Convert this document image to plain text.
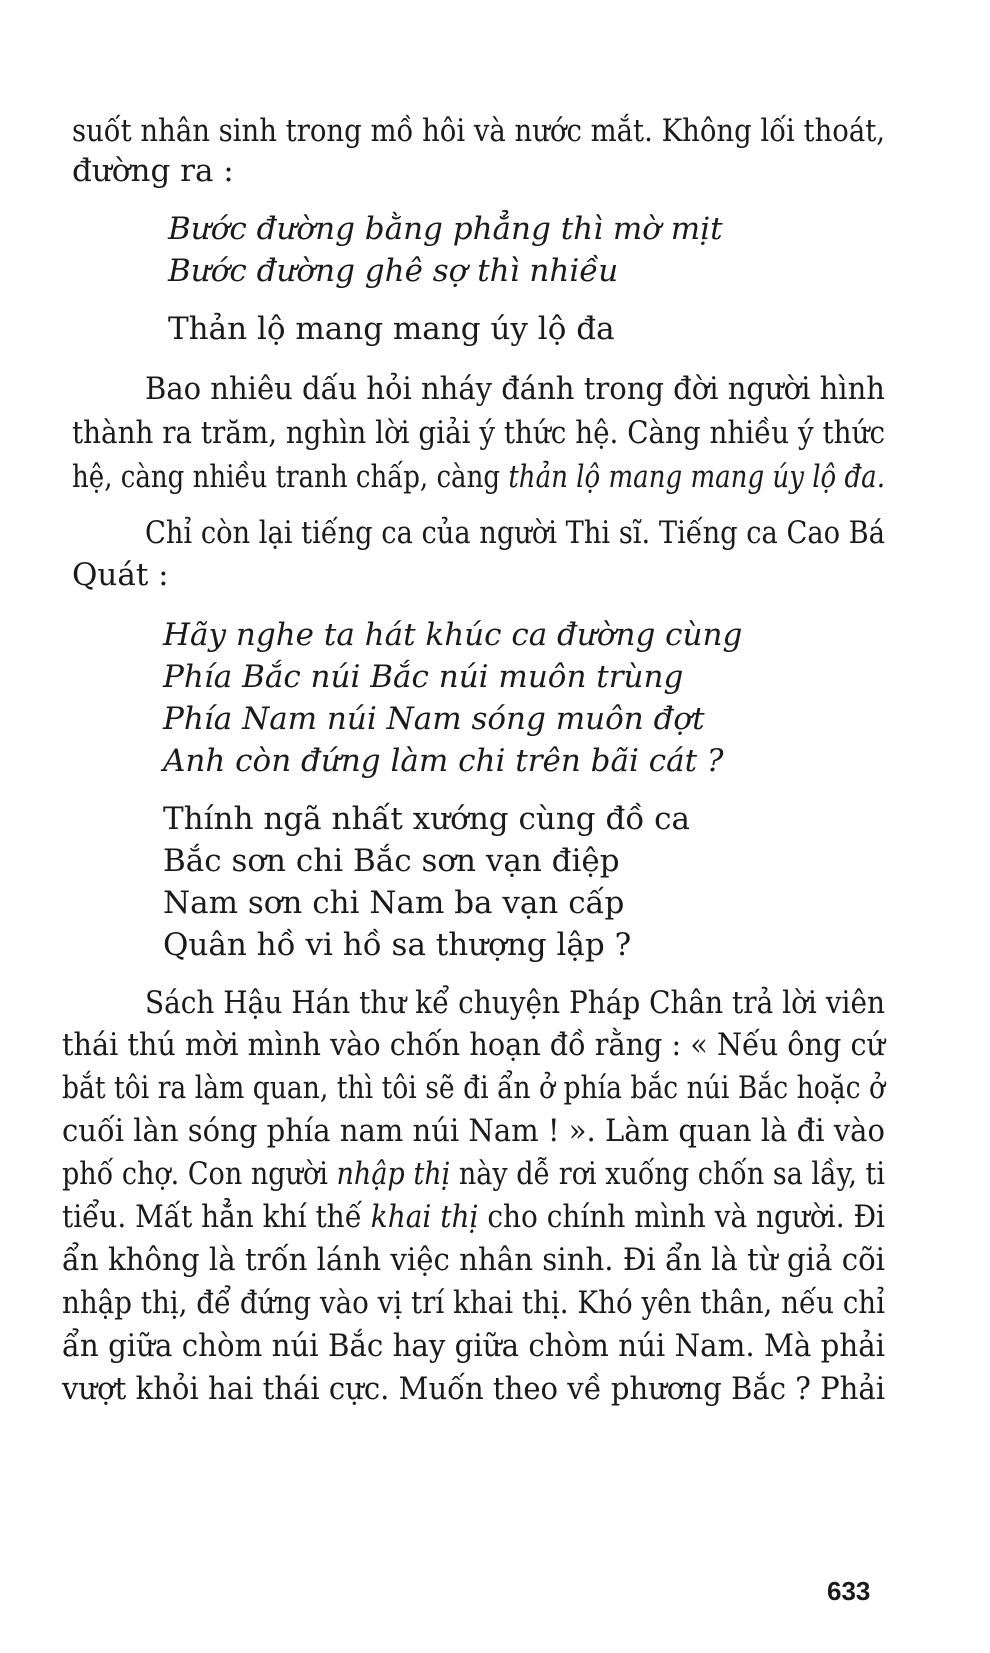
suốt nhân sinh trong mồ hôi và nước mắt. Không lối thoát,
đường ra :
Bước đường bằng phẳng thì mờ mịt
Bước đường ghê sợ thì nhiều
Thản lộ mang mang úy lộ đa
Bao nhiêu dấu hỏi nháy đánh trong đời người hình
thành ra trăm, nghìn lời giải ý thức hệ. Càng nhiều ý thức
hệ, càng nhiều tranh chấp, càng thản lộ mang mang úy lộ đa.
Chỉ còn lại tiếng ca của người Thi sĩ. Tiếng ca Cao Bá
Quát :
Hãy nghe ta hát khúc ca đường cùng
Phía Bắc núi Bắc núi muôn trùng
Phía Nam núi Nam sóng muôn đợt
Anh còn đứng làm chi trên bãi cát ?
Thính ngã nhất xướng cùng đồ ca
Bắc sơn chi Bắc sơn vạn điệp
Nam sơn chi Nam ba vạn cấp
Quân hồ vi hồ sa thượng lập ?
Sách Hậu Hán thư kể chuyện Pháp Chân trả lời viên
thái thú mời mình vào chốn hoạn đồ rằng : « Nếu ông cứ
bắt tôi ra làm quan, thì tôi sẽ đi ẩn ở phía bắc núi Bắc hoặc ở
cuối làn sóng phía nam núi Nam ! ». Làm quan là đi vào
phố chợ. Con người nhập thị này dễ rơi xuống chốn sa lầy, ti
tiểu. Mất hẳn khí thế khai thị cho chính mình và người. Đi
ẩn không là trốn lánh việc nhân sinh. Đi ẩn là từ giả cõi
nhập thị, để đứng vào vị trí khai thị. Khó yên thân, nếu chỉ
ẩn giữa chòm núi Bắc hay giữa chòm núi Nam. Mà phải
vượt khỏi hai thái cực. Muốn theo về phương Bắc ? Phải
633
